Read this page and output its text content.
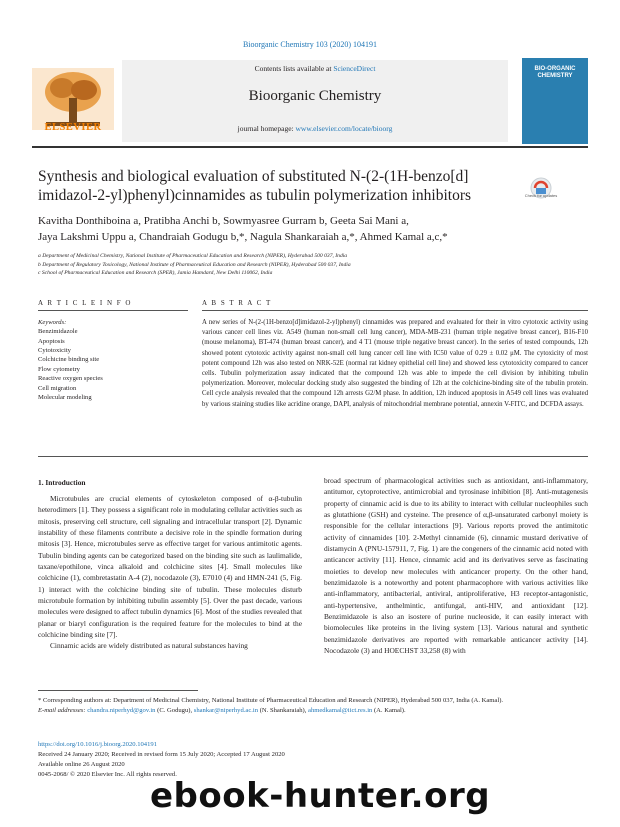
Bioorganic Chemistry 103 (2020) 104191
Contents lists available at ScienceDirect
Bioorganic Chemistry
journal homepage: www.elsevier.com/locate/bioorg
ELSEVIER
BIO-ORGANIC CHEMISTRY
Synthesis and biological evaluation of substituted N-(2-(1H-benzo[d]
imidazol-2-yl)phenyl)cinnamides as tubulin polymerization inhibitors	Check for updates
Kavitha Donthiboina a, Pratibha Anchi b, Sowmyasree Gurram b, Geeta Sai Mani a,
Jaya Lakshmi Uppu a, Chandraiah Godugu b,*, Nagula Shankaraiah a,*, Ahmed Kamal a,c,*
a Department of Medicinal Chemistry, National Institute of Pharmaceutical Education and Research (NIPER), Hyderabad 500 037, India
b Department of Regulatory Toxicology, National Institute of Pharmaceutical Education and Research (NIPER), Hyderabad 500 037, India
c School of Pharmaceutical Education and Research (SPER), Jamia Hamdard, New Delhi 110062, India
A R T I C L E I N F O	A B S T R A C T
Keywords:
Benzimidazole
Apoptosis
Cytotoxicity
Colchicine binding site
Flow cytometry
Reactive oxygen species
Cell migration
Molecular modeling
A new series of N-(2-(1H-benzo[d]imidazol-2-yl)phenyl) cinnamides was prepared and evaluated for their in vitro cytotoxic activity using various cancer cell lines viz. A549 (human non-small cell lung cancer), MDA-MB-231 (human triple negative breast cancer), B16-F10 (mouse melanoma), BT-474 (human breast cancer), and 4 T1 (mouse triple negative breast cancer). In the series of tested compounds, 12h showed potent cytotoxic activity against non-small cell lung cancer cell line with IC50 value of 0.29 ± 0.02 μM. The cytoxicity of most potent compound 12h was also tested on NRK-52E (normal rat kidney epithelial cell line) and showed less cytotoxicity compared to cancer cells. Tubulin polymerization assay indicated that the compound 12h was able to impede the cell division by inhibiting tubulin polymerization. Moreover, molecular docking study also suggested the binding of 12h at the colchicine-binding site of the tubulin protein. Cell cycle analysis revealed that the compound 12h arrests G2/M phase. In addition, 12h induced apoptosis in A549 cell lines was evaluated by various staining studies like acridine orange, DAPI, analysis of mitochondrial membrane potential, annexin V-FITC, and DCFDA assays.
1. Introduction

Microtubules are crucial elements of cytoskeleton composed of α-β-tubulin heterodimers [1]. They possess a significant role in modulating cellular activities such as mitosis, preserving cell structure, cell signaling and intracellular transport [2]. Dynamic instability of these filaments contribute a decisive role in the spindle formation during mitosis [3]. Hence, microtubules serve as effective target for various antimitotic agents. Tubulin binding agents can be categorized based on the binding site such as laulimalide, taxane/epothilone, vinca alkaloid and colchicine sites [4]. Small molecules like colchicine (1), combretastatin A-4 (2), nocodazole (3), E7010 (4) and HMN-241 (5, Fig. 1) interact with the colchicine binding site of tubulin. These molecules disturb microtubule formation by inhibiting tubulin assembly [5]. Over the past decade, various molecules were designed to affect tubulin dynamics [6]. Most of the studies revealed that planar or biaryl configuration is the required feature for the molecules to bind at the colchicine binding site [7].

Cinnamic acids are widely distributed as natural substances having

broad spectrum of pharmacological activities such as antioxidant, anti-inflammatory, antitumor, cytoprotective, antimicrobial and tyrosinase inhibition [8]. Anti-mutagenesis property of cinnamic acid is due to its ability to interact with cellular nucleophiles such as glutathione (GSH) and cysteine. The presence of α,β-unsaturated carbonyl moiety is responsible for the cellular interactions [9]. Various reports proved the antimitotic activity of cinnamides [10]. 2-Methyl cinnamide (6), cinnamic mustard derivative of distamycin A (PNU-157911, 7, Fig. 1) are the congeners of the cinnamic acid noted with anticancer activity [11]. Hence, cinnamic acid and its derivatives serve as fascinating moieties to develop new molecules with anticancer property. On the other hand, benzimidazole is a noteworthy and potent pharmacophore with various activities like anti-inflammatory, antibacterial, antiviral, antiproliferative, H3 receptor-antagonistic, anti-hypertensive, anthelmintic, antifungal, anti-HIV, and antioxidant [12]. Benzimidazole is also an isostere of purine nucleoside, it can easily interact with biomolecules like proteins in the living system [13]. Various natural and synthetic benzimidazole derivatives are reported with remarkable anticancer activity [14]. Nocodazole (3) and HOECHST 33,258 (8) with

* Corresponding authors at: Department of Medicinal Chemistry, National Institute of Pharmaceutical Education and Research (NIPER), Hyderabad 500 037, India (A. Kamal).
E-mail addresses: chandra.niperhyd@gov.in (C. Godugu), shankar@niperhyd.ac.in (N. Shankaraiah), ahmedkamal@iict.res.in (A. Kamal).
https://doi.org/10.1016/j.bioorg.2020.104191
Received 24 January 2020; Received in revised form 15 July 2020; Accepted 17 August 2020
Available online 26 August 2020
0045-2068/ © 2020 Elsevier Inc. All rights reserved.
ebook-hunter.org
